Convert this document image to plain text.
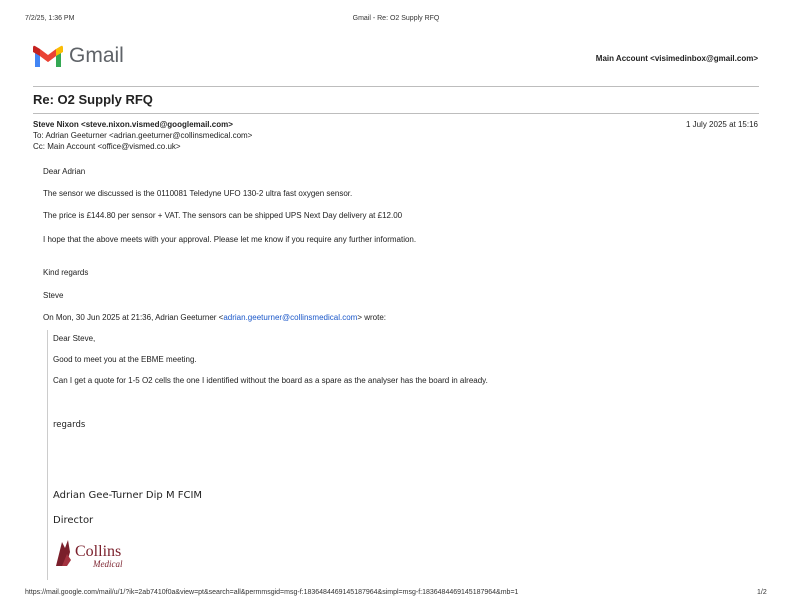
7/2/25, 1:36 PM	Gmail - Re: O2 Supply RFQ
Gmail	Main Account <visimedinbox@gmail.com>
Re: O2 Supply RFQ
Steve Nixon <steve.nixon.vismed@googlemail.com>	1 July 2025 at 15:16
To: Adrian Geeturner <adrian.geeturner@collinsmedical.com>
Cc: Main Account <office@vismed.co.uk>
Dear Adrian
The sensor we discussed is the 0110081 Teledyne UFO 130-2 ultra fast oxygen sensor.
The price is £144.80 per sensor + VAT. The sensors can be shipped UPS Next Day delivery at £12.00
I hope that the above meets with your approval. Please let me know if you require any further information.
Kind regards
Steve
On Mon, 30 Jun 2025 at 21:36, Adrian Geeturner <adrian.geeturner@collinsmedical.com> wrote:
Dear Steve,
Good to meet you at the EBME meeting.
Can I get a quote for 1-5 O2 cells the one I identified without the board as a spare as the analyser has the board in already.
regards
Adrian Gee-Turner Dip M FCIM
Director
Collins
Medical
https://mail.google.com/mail/u/1/?ik=2ab7410f0a&view=pt&search=all&permmsgid=msg-f:1836484469145187964&simpl=msg-f:1836484469145187964&mb=1	1/2
